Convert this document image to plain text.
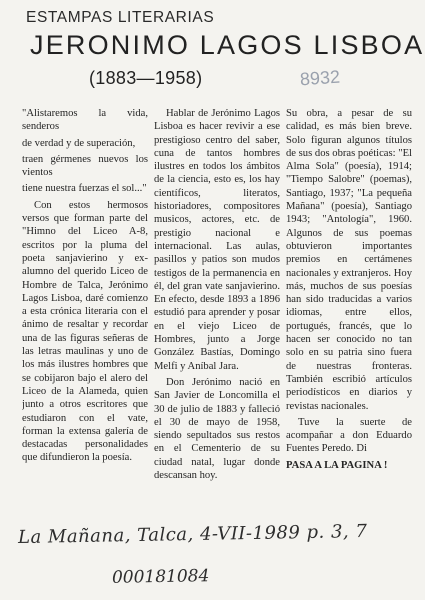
ESTAMPAS LITERARIAS
JERONIMO LAGOS LISBOA
(1883—1958)	8932

"Alistaremos la vida, senderos

de verdad y de superación,

traen gérmenes nuevos los vientos

tiene nuestra fuerzas el sol..."

Con estos hermosos versos que forman parte del "Himno del Liceo A-8, escritos por la pluma del poeta sanjavierino y ex-alumno del querido Liceo de Hombre de Talca, Jerónimo Lagos Lisboa, daré comienzo a esta crónica literaria con el ánimo de resaltar y recordar una de las figuras señeras de las letras maulinas y uno de los más ilustres hombres que se cobijaron bajo el alero del Liceo de la Alameda, quien junto a otros escritores que estudiaron con el vate, forman la extensa galería de destacadas personalidades que difundieron la poesía.

Hablar de Jerónimo Lagos Lisboa es hacer revivir a ese prestigioso centro del saber, cuna de tantos hombres ilustres en todos los ámbitos de la ciencia, esto es, los hay científicos, literatos, historiadores, compositores musicos, actores, etc. de prestigio nacional e internacional. Las aulas, pasillos y patios son mudos testigos de la permanencia en él, del gran vate sanjavierino. En efecto, desde 1893 a 1896 estudió para aprender y posar en el viejo Liceo de Hombres, junto a Jorge González Bastías, Domingo Melfi y Aníbal Jara.

Don Jerónimo nació en San Javier de Loncomilla el 30 de julio de 1883 y falleció el 30 de mayo de 1958, siendo sepultados sus restos en el Cementerio de su ciudad natal, lugar donde descansan hoy.

Su obra, a pesar de su calidad, es más bien breve. Solo figuran algunos títulos de sus dos obras poéticas: "El Alma Sola" (poesía), 1914; "Tiempo Salobre" (poemas), Santiago, 1937; "La pequeña Mañana" (poesía), Santiago 1943; "Antología", 1960. Algunos de sus poemas obtuvieron importantes premios en certámenes nacionales y extranjeros. Hoy más, muchos de sus poesías han sido traducidas a varios idiomas, entre ellos, portugués, francés, que lo hacen ser conocido no tan solo en su patria sino fuera de nuestras fronteras. También escribió artículos periodísticos en diarios y revistas nacionales.

Tuve la suerte de acompañar a don Eduardo Fuentes Peredo. Di

PASA A LA PAGINA !

La Mañana, Talca, 4-VII-1989 p. 3, 7
000181084
